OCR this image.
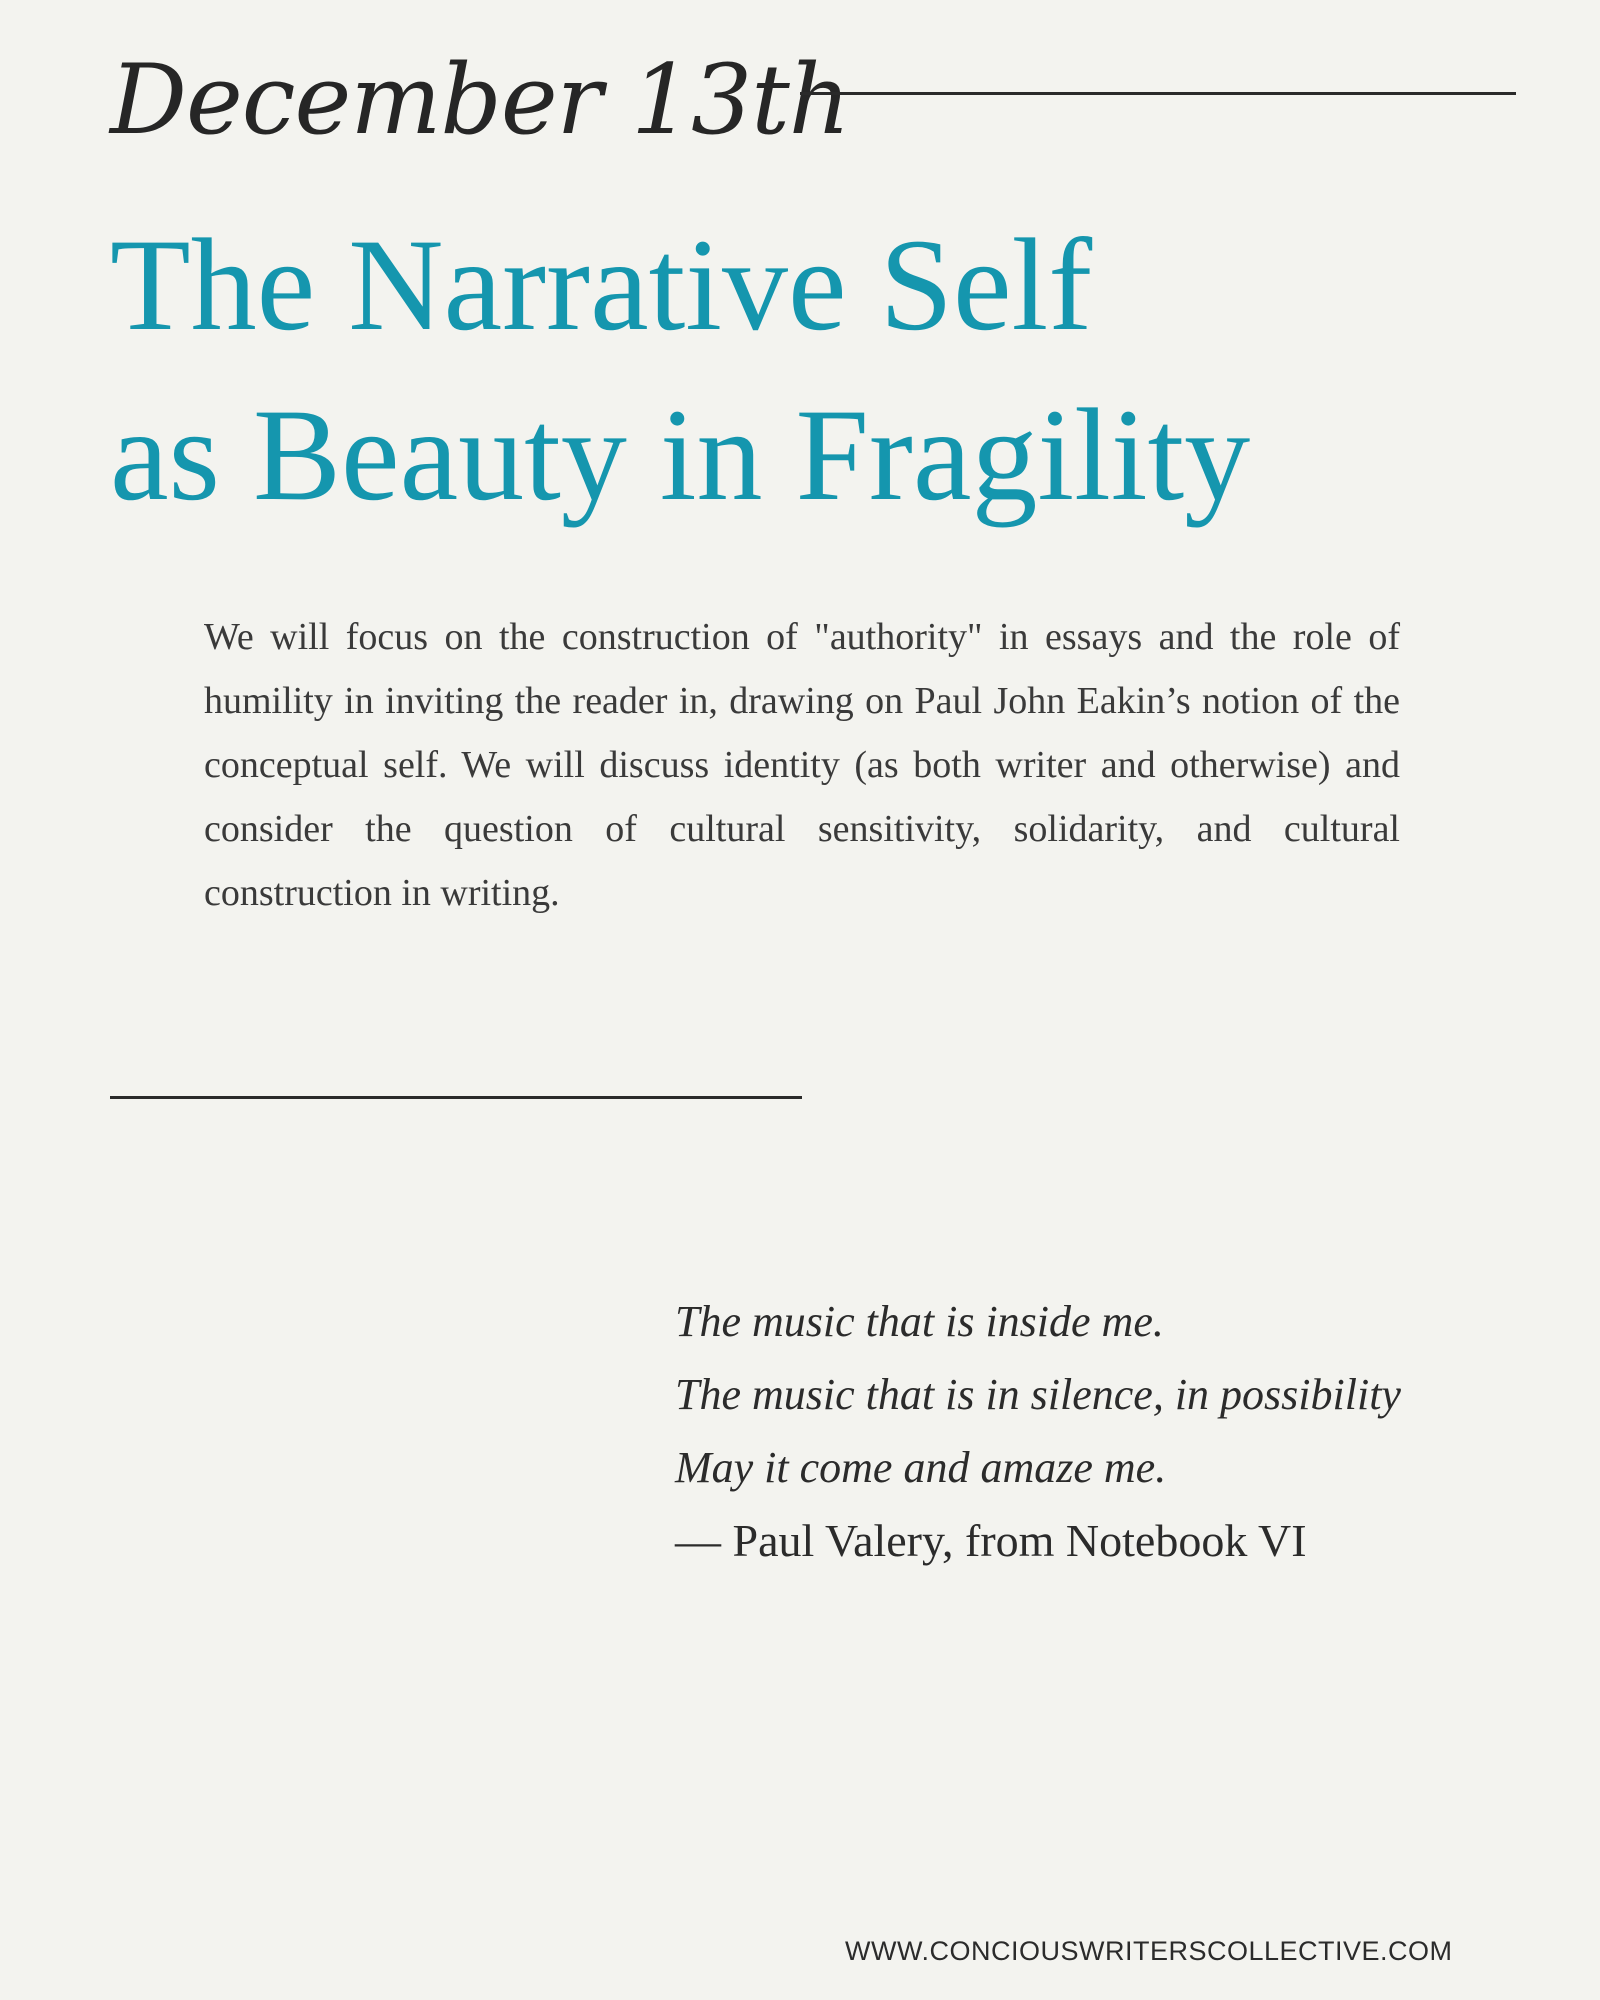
December 13th
The Narrative Self
as Beauty in Fragility

We will focus on the construction of "authority" in essays and the role of humility in inviting the reader in, drawing on Paul John Eakin’s notion of the conceptual self. We will discuss identity (as both writer and otherwise) and consider the question of cultural sensitivity, solidarity, and cultural construction in writing.

The music that is inside me.
The music that is in silence, in possibility
May it come and amaze me.
— Paul Valery, from Notebook VI
WWW.CONCIOUSWRITERSCOLLECTIVE.COM
